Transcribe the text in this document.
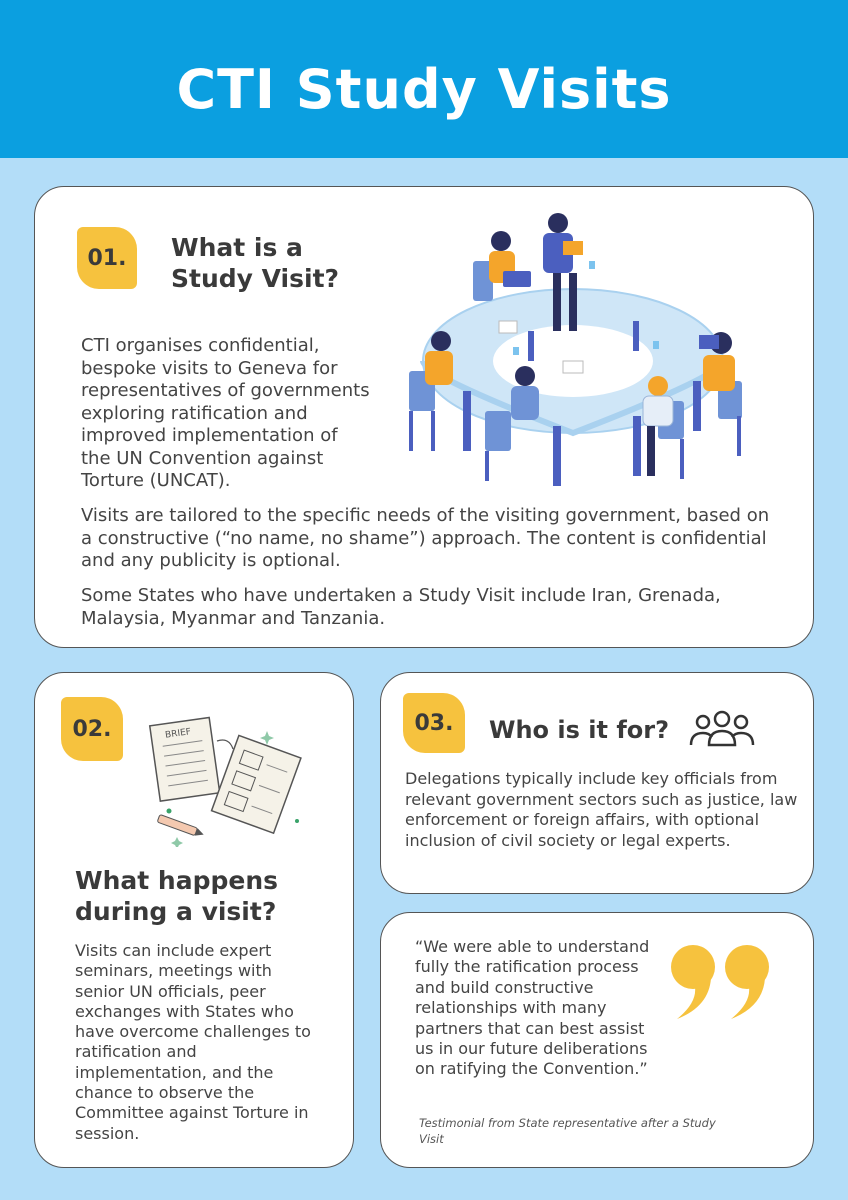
CTI Study Visits
01.	What is a
Study Visit?
CTI organises confidential,
bespoke visits to Geneva for
representatives of governments
exploring ratification and
improved implementation of
the UN Convention against
Torture (UNCAT).

Visits are tailored to the specific needs of the visiting government, based on a constructive (“no name, no shame”) approach. The content is confidential and any publicity is optional.

Some States who have undertaken a Study Visit include Iran, Grenada, Malaysia, Myanmar and Tanzania.

02.	BRIEF
What happens
during a visit?

Visits can include expert seminars, meetings with senior UN officials, peer exchanges with States who have overcome challenges to ratification and implementation, and the chance to observe the Committee against Torture in session.

03.	Who is it for?

Delegations typically include key officials from relevant government sectors such as justice, law enforcement or foreign affairs, with optional inclusion of civil society or legal experts.

“We were able to understand fully the ratification process and build constructive relationships with many partners that can best assist us in our future deliberations on ratifying the Convention.”

Testimonial from State representative after a Study Visit
